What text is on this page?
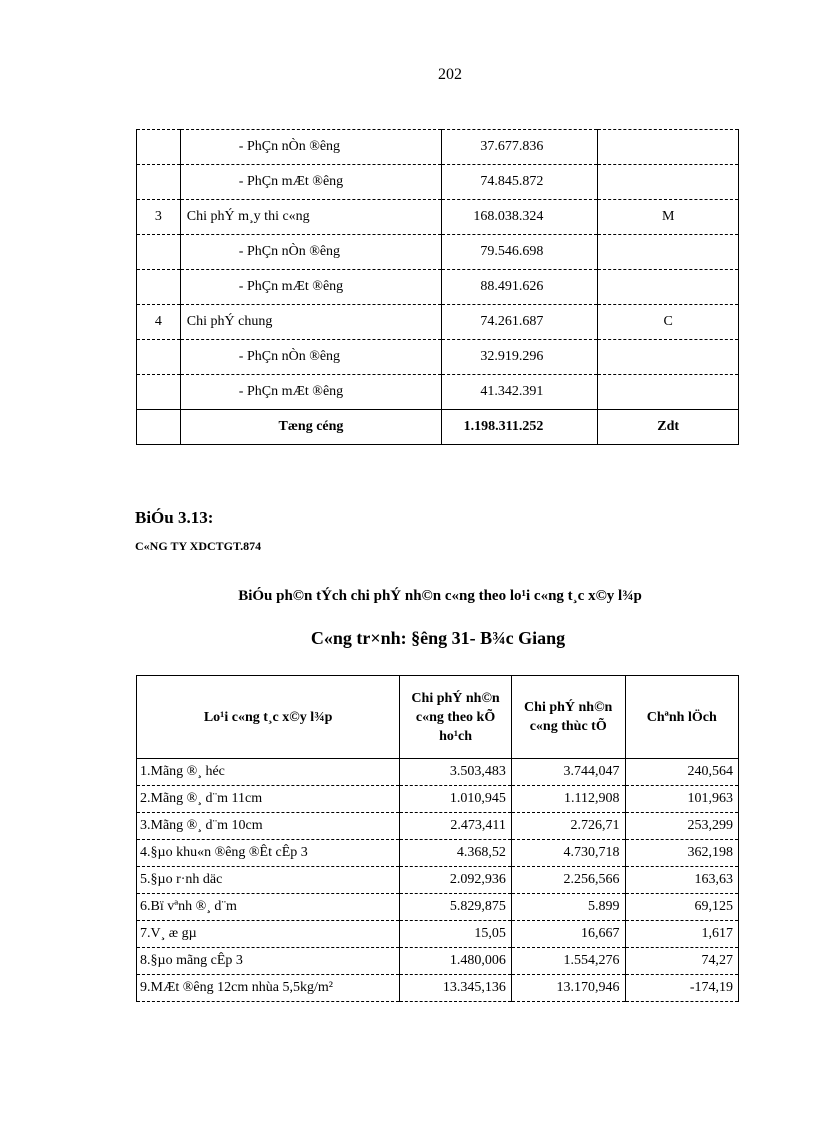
202
	- PhÇn nÒn ®êng	37.677.836	
	- PhÇn mÆt ®êng	74.845.872	
3	Chi phÝ m¸y thi c«ng	168.038.324	M
	- PhÇn nÒn ®êng	79.546.698	
	- PhÇn mÆt ®êng	88.491.626	
4	Chi phÝ chung	74.261.687	C
	- PhÇn nÒn ®êng	32.919.296	
	- PhÇn mÆt ®êng	41.342.391	
	Tæng céng	1.198.311.252	Zdt
BiÓu 3.13:
C«NG TY XDCTGT.874
BiÓu ph©n tÝch chi phÝ nh©n c«ng theo lo¹i c«ng t¸c x©y l¾p
C«ng tr×nh: §êng 31- B¾c Giang
Lo¹i c«ng t¸c x©y l¾p	Chi phÝ nh©n c«ng theo kÕ ho¹ch	Chi phÝ nh©n c«ng thùc tÕ	Chªnh lÖch
1.Mãng ®¸ héc	3.503,483	3.744,047	240,564
2.Mãng ®¸ d¨m 11cm	1.010,945	1.112,908	101,963
3.Mãng ®¸ d¨m 10cm	2.473,411	2.726,71	253,299
4.§µo khu«n ®êng ®Êt cÊp 3	4.368,52	4.730,718	362,198
5.§µo r·nh däc	2.092,936	2.256,566	163,63
6.Bï vªnh ®¸ d¨m	5.829,875	5.899	69,125
7.V¸ æ gµ	15,05	16,667	1,617
8.§µo mãng cÊp 3	1.480,006	1.554,276	74,27
9.MÆt ®êng 12cm nhùa 5,5kg/m²	13.345,136	13.170,946	-174,19
